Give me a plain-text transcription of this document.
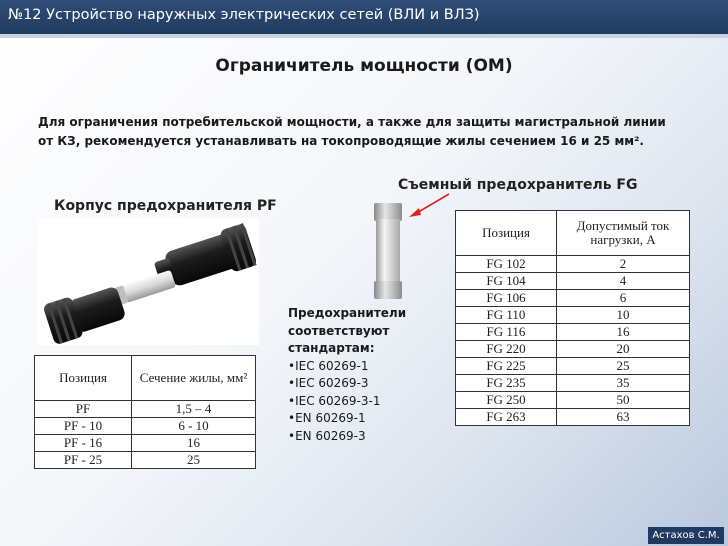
№12 Устройство наружных электрических сетей (ВЛИ и ВЛЗ)
Ограничитель мощности (ОМ)
Для ограничения потребительской мощности, а также для защиты магистральной линии
от КЗ, рекомендуется устанавливать на токопроводящие жилы сечением 16 и 25 мм².
Корпус предохранителя PF
Съемный предохранитель FG
Позиция	Сечение жилы, мм²
PF	1,5 – 4
PF - 10	6 - 10
PF - 16	16
PF - 25	25
Предохранители
соответствуют
стандартам:
•IEC 60269-1
•IEC 60269-3
•IEC 60269-3-1
•EN 60269-1
•EN 60269-3
Позиция	Допустимый ток нагрузки, А
FG 102	2
FG 104	4
FG 106	6
FG 110	10
FG 116	16
FG 220	20
FG 225	25
FG 235	35
FG 250	50
FG 263	63
Астахов С.М.
